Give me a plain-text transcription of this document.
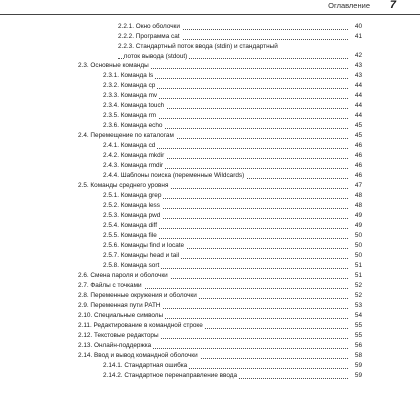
Оглавление 7
2.2.1. Окно оболочки	40
2.2.2. Программа cat	41
2.2.3. Стандартный поток ввода (stdin) и стандартный
поток вывода (stdout)	42
2.3. Основные команды	43
2.3.1. Команда ls	43
2.3.2. Команда cp	44
2.3.3. Команда mv	44
2.3.4. Команда touch	44
2.3.5. Команда rm	44
2.3.6. Команда echo	45
2.4. Перемещение по каталогам	45
2.4.1. Команда cd	46
2.4.2. Команда mkdir	46
2.4.3. Команда rmdir	46
2.4.4. Шаблоны поиска (переменные Wildcards)	46
2.5. Команды среднего уровня	47
2.5.1. Команда grep	48
2.5.2. Команда less	48
2.5.3. Команда pwd	49
2.5.4. Команда diff	49
2.5.5. Команда file	50
2.5.6. Команды find и locate	50
2.5.7. Команды head и tail	50
2.5.8. Команда sort	51
2.6. Смена пароля и оболочки	51
2.7. Файлы с точками	52
2.8. Переменные окружения и оболочки	52
2.9. Переменная пути PATH	53
2.10. Специальные символы	54
2.11. Редактирование в командной строке	55
2.12. Текстовые редакторы	55
2.13. Онлайн-поддержка	56
2.14. Ввод и вывод командной оболочки	58
2.14.1. Стандартная ошибка	59
2.14.2. Стандартное перенаправление ввода	59
